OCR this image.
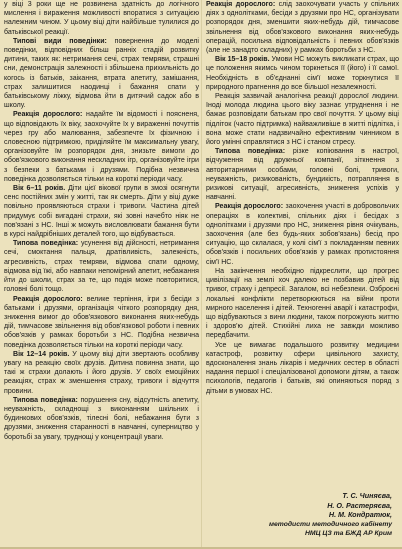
у віці 3 роки ще не розвинена здатність до логічного мислення і вираження можливості впоратися з ситуацією належним чином. У цьому віці діти найбільше тулилися до батьківської реакції.

Типові види поведінки: повернення до моделі поведінки, відповідних більш ранніх стадій розвитку дитини, таких як: нетримання сечі, страх темряви, страшні сни, демонстрація залежності і збільшена прихильність до когось із батьків, заікання, втрата апетиту, замішання, страх залишитися наодинці і бажання спати у батьківському ліжку, відмова йти в дитячий садок або в школу.

Реакція дорослого: надайте їм відомості і поясненя, що відповідають їх віку, заохочуйте їх у вираженні почуттів через гру або малювання, забезпечте їх фізичною і словесною підтримкою, приділяйте їм максимальну увагу, організовуйте їм розпорядок дня, знизьте вимоги до обов'язкового виконання нескладних ігр, організовуйте ігри з безпеки з батьками і друзями. Подібна незвична поведінка дозволяється тільки на короткі періоди часу.

Вік 6–11 років. Діти цієї вікової групи в змозі осягнути сенс постійних змін у житті, так як смерть. Діти у віці дуже повільно проявляються страхи і тривоги. Частина дітей придумує собі вигадані страхи, які зовні начебто ніяк не пов'язані з НС. Інші ж можуть висловлювати бажання бути в курсі найдрібніших деталей того, що відбувається.

Типова поведінка: усунення від дійсності, нетримання сечі, смоктання пальця, дратівливість, залежність, агресивність, страх темряви, відмова спати одному, відмова від їжі, або навпаки непомірний апетит, небажання йти до школи, страх за те, що подія може повторитися, головні болі тощо.

Реакція дорослого: велике терпіння, ігри з бесіди з батьками і друзями, організація чіткого розпорядку дня, зниження вимог до обов'язкового виконання яких-небудь дій, тимчасове звільнення від обов'язкової роботи і певних обов'язків у рамках боротьби з НС. Подібна незвична поведінка дозволяється тільки на короткі періоди часу.

Вік 12–14 років. У цьому віці діти звертають особливу увагу на реакцію своїх друзів. Дитина повинна знати, що такі ж страхи долають і його друзів. У своїх емоційних реакціях, страх ж зменшення страху, тривоги і відчуття провини.

Типова поведінка: порушення сну, відсутність апетиту, неуважність, складнощі з виконанням шкільних і будинкових обов'язків, тілесні болі, небажання бути з друзями, зниження старанності в навчанні, суперництво у боротьбі за увагу, труднощі у концентрації уваги.

Реакція дорослого: слід заохочувати участь у спільних діях з однолітками, бесіди з друзями про НС, організувати розпорядок дня, зменшити яких-небудь дій, тимчасове звільнення від обов'язкового виконання яких-небудь операцій, посильна відповідальність і певних обов'язків (але не занадто складних) у рамках боротьби з НС.

Вік 15–18 років. Умови НС можуть викликати страх, що це положення якимсь чином торкнеться її (його) і її самої. Необхідність в об'єднанні сім'ї може торкнутися її природного прагнення до все більшої незалежності.

Реакція зазвичай аналогічна реакції дорослої людини. Іноді молода людина цього віку зазнає утруднення і не бажає розповідати батькам про свої почуття. У цьому віці підліток (часто підтримка) найважливіше в житті підлітка, і вона може стати надзвичайно ефективним чинником в його умінні справлятися з НС і станом стресу.

Типова поведінка: різке копіювання в настрої, відчуження від дружньої компанії, зіткнення з авторитарними особами, головні болі, тривоги, неуважність, ризикованість, бундикість, потрапляння в ризикові ситуації, агресивність, зниження успіхів у навчанні.

Реакція дорослого: заохочення участі в добровольчих операціях в колективі, спільних діях і бесідах з однолітками і друзями про НС, зниження рівня очікувань, заохочення (але без будь-яких зобов'язань) бесід про ситуацію, що склалася, у колі сім'ї з покладанням певних обов'язків і посильних обов'язків у рамках протистояння сім'ї НС.

На закінчення необхідно підкреслити, що прогрес цивілізації на землі хоч далеко не позбавив дітей від тривог, страху і депресії. Загалом, всі небезпеки. Озброєні локальні конфлікти перетворюються на війни проти мирного населення і дітей. Техногенні аварії і катастрофи, що відбуваються з вини людини, також погрожують життю і здоров'ю дітей. Стихійні лиха не завжди можливо передбачити.

Усе це вимагає подальшого розвитку медицини катастроф, розвитку сфери цивільного захисту, вдосконалення знань лікарів і медичних сестер в області надання першої і спеціалізованої допомоги дітям, а також психологів, педагогів і батьків, які опиняються поряд з дітьми в умовах НС.

Т. С. Чиняєва,
Н. О. Растеряєва,
Н. М. Кондратюк,
методисти методичного кабінету
НМЦ ЦЗ та БЖД АР Крим
